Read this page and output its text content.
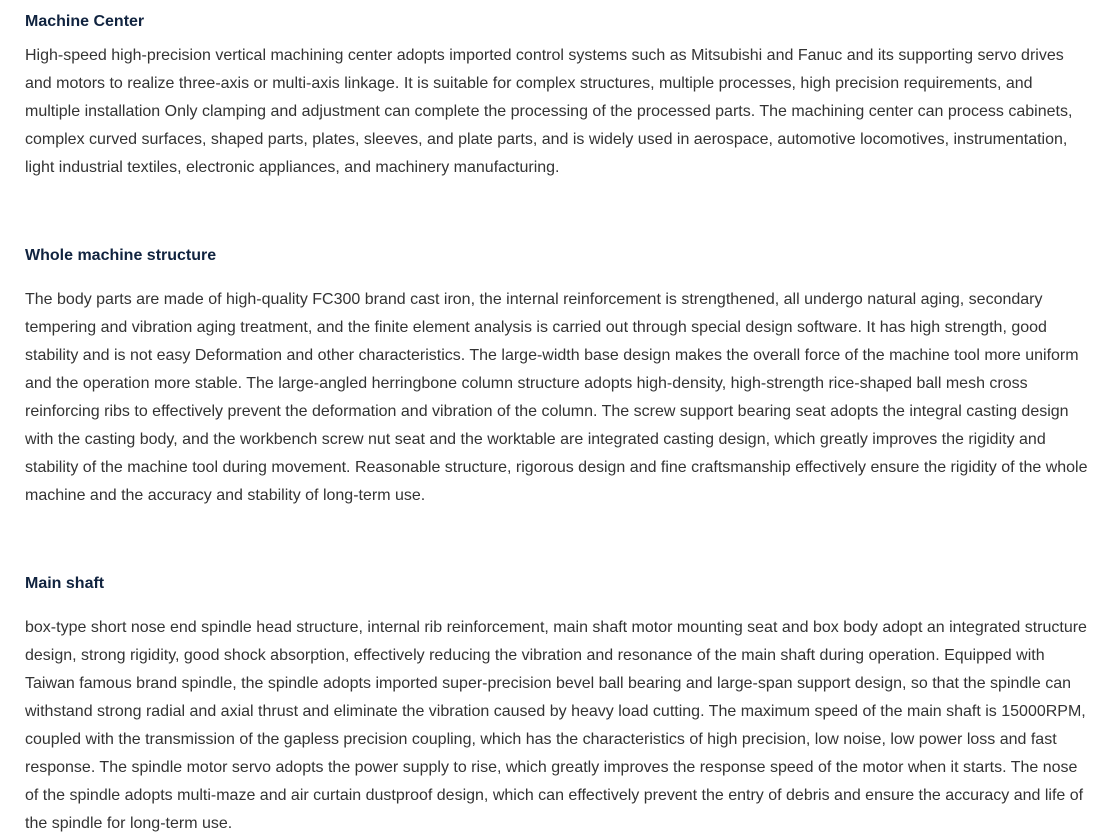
Machine Center

High-speed high-precision vertical machining center adopts imported control systems such as Mitsubishi and Fanuc and its supporting servo drives and motors to realize three-axis or multi-axis linkage. It is suitable for complex structures, multiple processes, high precision requirements, and multiple installation Only clamping and adjustment can complete the processing of the processed parts. The machining center can process cabinets, complex curved surfaces, shaped parts, plates, sleeves, and plate parts, and is widely used in aerospace, automotive locomotives, instrumentation, light industrial textiles, electronic appliances, and machinery manufacturing.

Whole machine structure

The body parts are made of high-quality FC300 brand cast iron, the internal reinforcement is strengthened, all undergo natural aging, secondary tempering and vibration aging treatment, and the finite element analysis is carried out through special design software. It has high strength, good stability and is not easy Deformation and other characteristics. The large-width base design makes the overall force of the machine tool more uniform and the operation more stable. The large-angled herringbone column structure adopts high-density, high-strength rice-shaped ball mesh cross reinforcing ribs to effectively prevent the deformation and vibration of the column. The screw support bearing seat adopts the integral casting design with the casting body, and the workbench screw nut seat and the worktable are integrated casting design, which greatly improves the rigidity and stability of the machine tool during movement. Reasonable structure, rigorous design and fine craftsmanship effectively ensure the rigidity of the whole machine and the accuracy and stability of long-term use.

Main shaft

box-type short nose end spindle head structure, internal rib reinforcement, main shaft motor mounting seat and box body adopt an integrated structure design, strong rigidity, good shock absorption, effectively reducing the vibration and resonance of the main shaft during operation. Equipped with Taiwan famous brand spindle, the spindle adopts imported super-precision bevel ball bearing and large-span support design, so that the spindle can withstand strong radial and axial thrust and eliminate the vibration caused by heavy load cutting. The maximum speed of the main shaft is 15000RPM, coupled with the transmission of the gapless precision coupling, which has the characteristics of high precision, low noise, low power loss and fast response. The spindle motor servo adopts the power supply to rise, which greatly improves the response speed of the motor when it starts. The nose of the spindle adopts multi-maze and air curtain dustproof design, which can effectively prevent the entry of debris and ensure the accuracy and life of the spindle for long-term use.
